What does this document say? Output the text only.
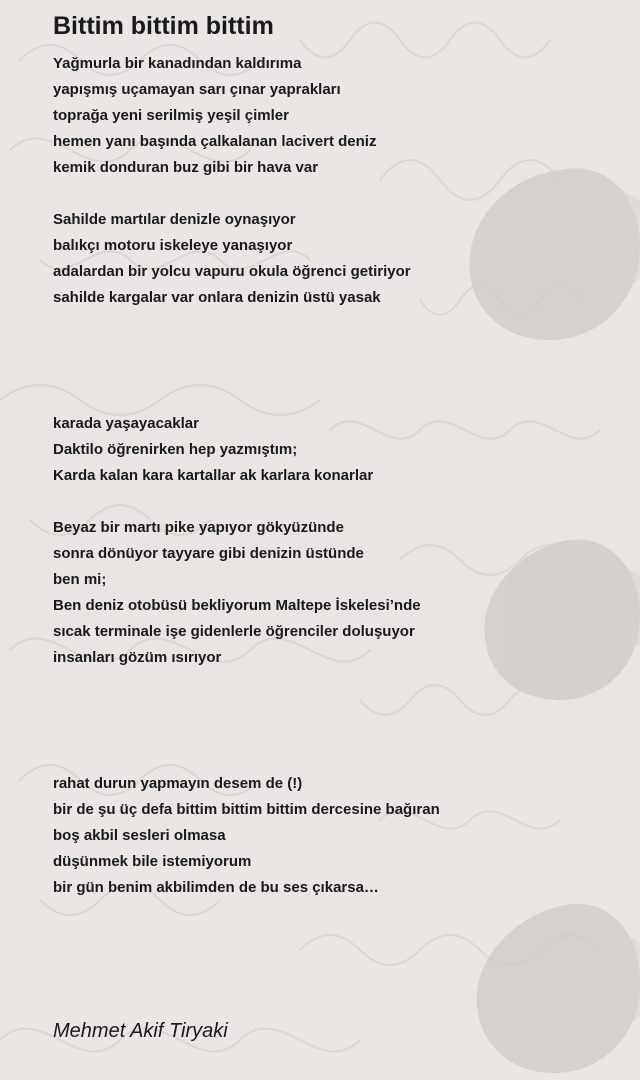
Bittim bittim bittim
Yağmurla bir kanadından kaldırıma
yapışmış uçamayan sarı çınar yaprakları
toprağa yeni serilmiş yeşil çimler
hemen yanı başında çalkalanan lacivert deniz
kemik donduran buz gibi bir hava var
Sahilde martılar denizle oynaşıyor
balıkçı motoru iskeleye yanaşıyor
adalardan bir yolcu vapuru okula öğrenci getiriyor
sahilde kargalar var onlara denizin üstü yasak
karada yaşayacaklar
Daktilo öğrenirken hep yazmıştım;
Karda kalan kara kartallar ak karlara konarlar
Beyaz bir martı pike yapıyor gökyüzünde
sonra dönüyor tayyare gibi denizin üstünde
ben mi;
Ben deniz otobüsü bekliyorum Maltepe İskelesi’nde
sıcak terminale işe gidenlerle öğrenciler doluşuyor
insanları gözüm ısırıyor
rahat durun yapmayın desem de (!)
bir de şu üç defa bittim bittim bittim dercesine bağıran
boş akbil sesleri olmasa
düşünmek bile istemiyorum
bir gün benim akbilimden de bu ses çıkarsa…
Mehmet Akif Tiryaki
